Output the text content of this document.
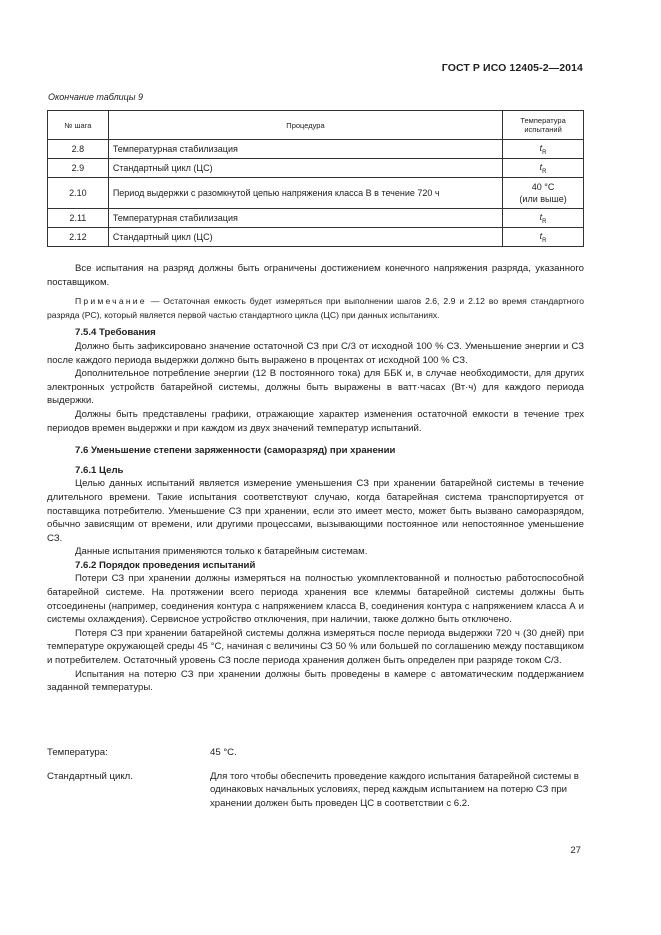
ГОСТ Р ИСО 12405-2—2014
Окончание таблицы 9
№ шага	Процедура	Температура испытаний
2.8	Температурная стабилизация	$t_R$
2.9	Стандартный цикл (ЦС)	$t_R$
2.10	Период выдержки с разомкнутой цепью напряжения класса В в течение 720 ч	40 °С
(или выше)
2.11	Температурная стабилизация	$t_R$
2.12	Стандартный цикл (ЦС)	$t_R$

Все испытания на разряд должны быть ограничены достижением конечного напряжения разряда, указанного поставщиком.

Примечание — Остаточная емкость будет измеряться при выполнении шагов 2.6, 2.9 и 2.12 во время стандартного разряда (РС), который является первой частью стандартного цикла (ЦС) при данных испытаниях.

7.5.4 Требования

Должно быть зафиксировано значение остаточной СЗ при С/3 от исходной 100 % СЗ. Уменьшение энергии и СЗ после каждого периода выдержки должно быть выражено в процентах от исходной 100 % СЗ.

Дополнительное потребление энергии (12 В постоянного тока) для ББК и, в случае необходимости, для других электронных устройств батарейной системы, должны быть выражены в ватт·часах (Вт·ч) для каждого периода выдержки.

Должны быть представлены графики, отражающие характер изменения остаточной емкости в течение трех периодов времен выдержки и при каждом из двух значений температур испытаний.

7.6 Уменьшение степени заряженности (саморазряд) при хранении
7.6.1 Цель

Целью данных испытаний является измерение уменьшения СЗ при хранении батарейной системы в течение длительного времени. Такие испытания соответствуют случаю, когда батарейная система транспортируется от поставщика потребителю. Уменьшение СЗ при хранении, если это имеет место, может быть вызвано саморазрядом, обычно зависящим от времени, или другими процессами, вызывающими постоянное или непостоянное уменьшение СЗ.

Данные испытания применяются только к батарейным системам.

7.6.2 Порядок проведения испытаний

Потери СЗ при хранении должны измеряться на полностью укомплектованной и полностью работоспособной батарейной системе. На протяжении всего периода хранения все клеммы батарейной системы должны быть отсоединены (например, соединения контура с напряжением класса В, соединения контура с напряжением класса А и системы охлаждения). Сервисное устройство отключения, при наличии, также должно быть отключено.

Потеря СЗ при хранении батарейной системы должна измеряться после периода выдержки 720 ч (30 дней) при температуре окружающей среды 45 °С, начиная с величины СЗ 50 % или большей по соглашению между поставщиком и потребителем. Остаточный уровень СЗ после периода хранения должен быть определен при разряде током С/3.

Испытания на потерю СЗ при хранении должны быть проведены в камере с автоматическим поддержанием заданной температуры.

Температура:	45 °С.
Стандартный цикл.	Для того чтобы обеспечить проведение каждого испытания батарейной системы в одинаковых начальных условиях, перед каждым испытанием на потерю СЗ при хранении должен быть проведен ЦС в соответствии с 6.2.
27
